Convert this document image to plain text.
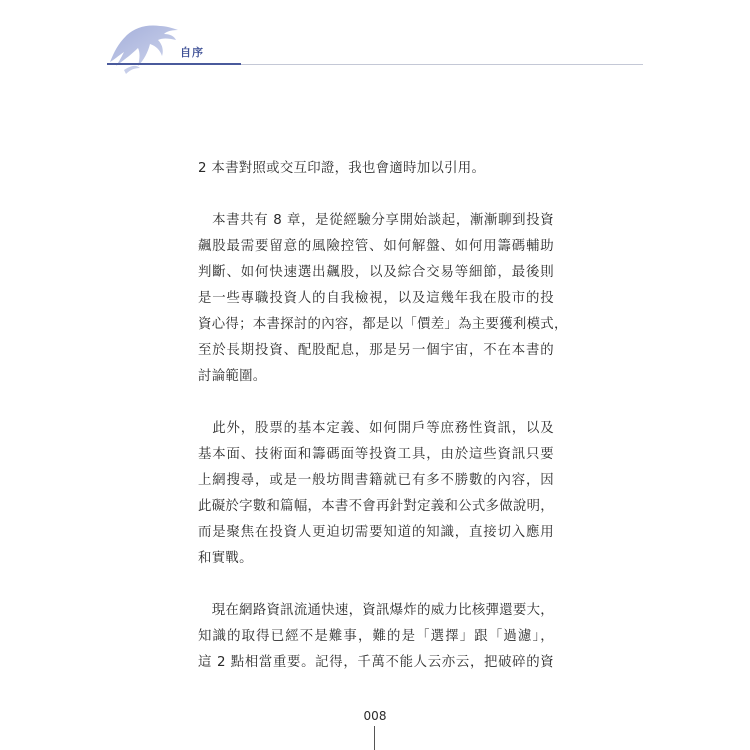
自序

2 本書對照或交互印證，我也會適時加以引用。

　本書共有 8 章，是從經驗分享開始談起，漸漸聊到投資
飆股最需要留意的風險控管、如何解盤、如何用籌碼輔助
判斷、如何快速選出飆股，以及綜合交易等細節，最後則
是一些專職投資人的自我檢視，以及這幾年我在股市的投
資心得；本書探討的內容，都是以「價差」為主要獲利模式，
至於長期投資、配股配息，那是另一個宇宙，不在本書的
討論範圍。

　此外，股票的基本定義、如何開戶等庶務性資訊，以及
基本面、技術面和籌碼面等投資工具，由於這些資訊只要
上網搜尋，或是一般坊間書籍就已有多不勝數的內容，因
此礙於字數和篇幅，本書不會再針對定義和公式多做說明，
而是聚焦在投資人更迫切需要知道的知識，直接切入應用
和實戰。

　現在網路資訊流通快速，資訊爆炸的威力比核彈還要大，
知識的取得已經不是難事，難的是「選擇」跟「過濾」，
這 2 點相當重要。記得，千萬不能人云亦云，把破碎的資

008
